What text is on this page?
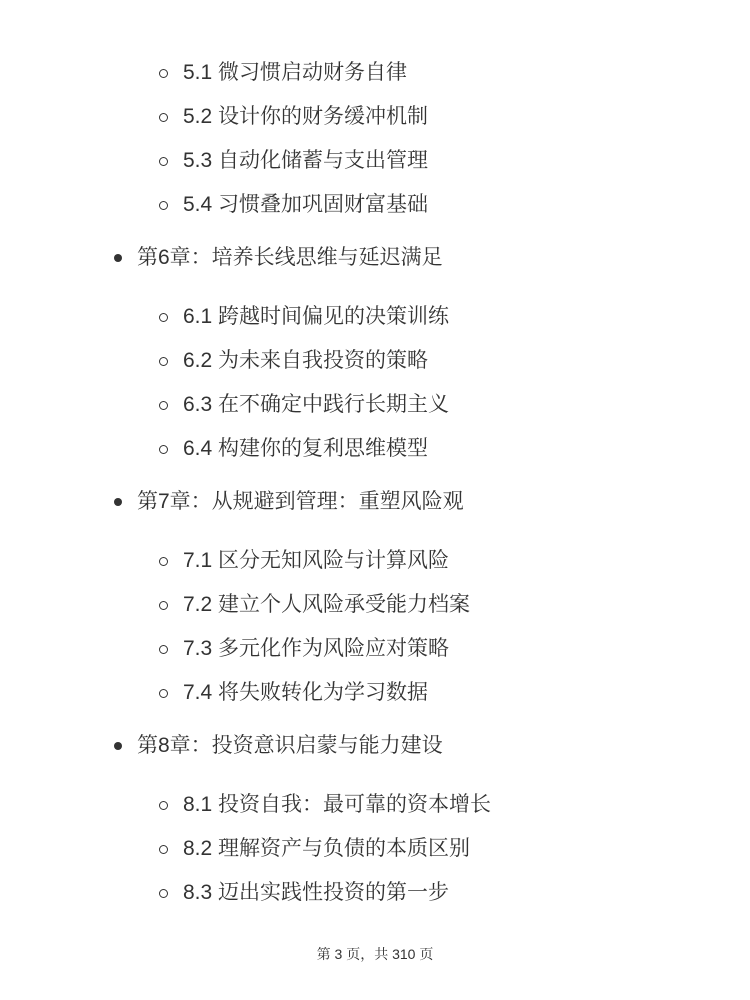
5.1 微习惯启动财务自律
5.2 设计你的财务缓冲机制
5.3 自动化储蓄与支出管理
5.4 习惯叠加巩固财富基础
第6章：培养长线思维与延迟满足
6.1 跨越时间偏见的决策训练
6.2 为未来自我投资的策略
6.3 在不确定中践行长期主义
6.4 构建你的复利思维模型
第7章：从规避到管理：重塑风险观
7.1 区分无知风险与计算风险
7.2 建立个人风险承受能力档案
7.3 多元化作为风险应对策略
7.4 将失败转化为学习数据
第8章：投资意识启蒙与能力建设
8.1 投资自我：最可靠的资本增长
8.2 理解资产与负债的本质区别
8.3 迈出实践性投资的第一步
第 3 页，共 310 页
